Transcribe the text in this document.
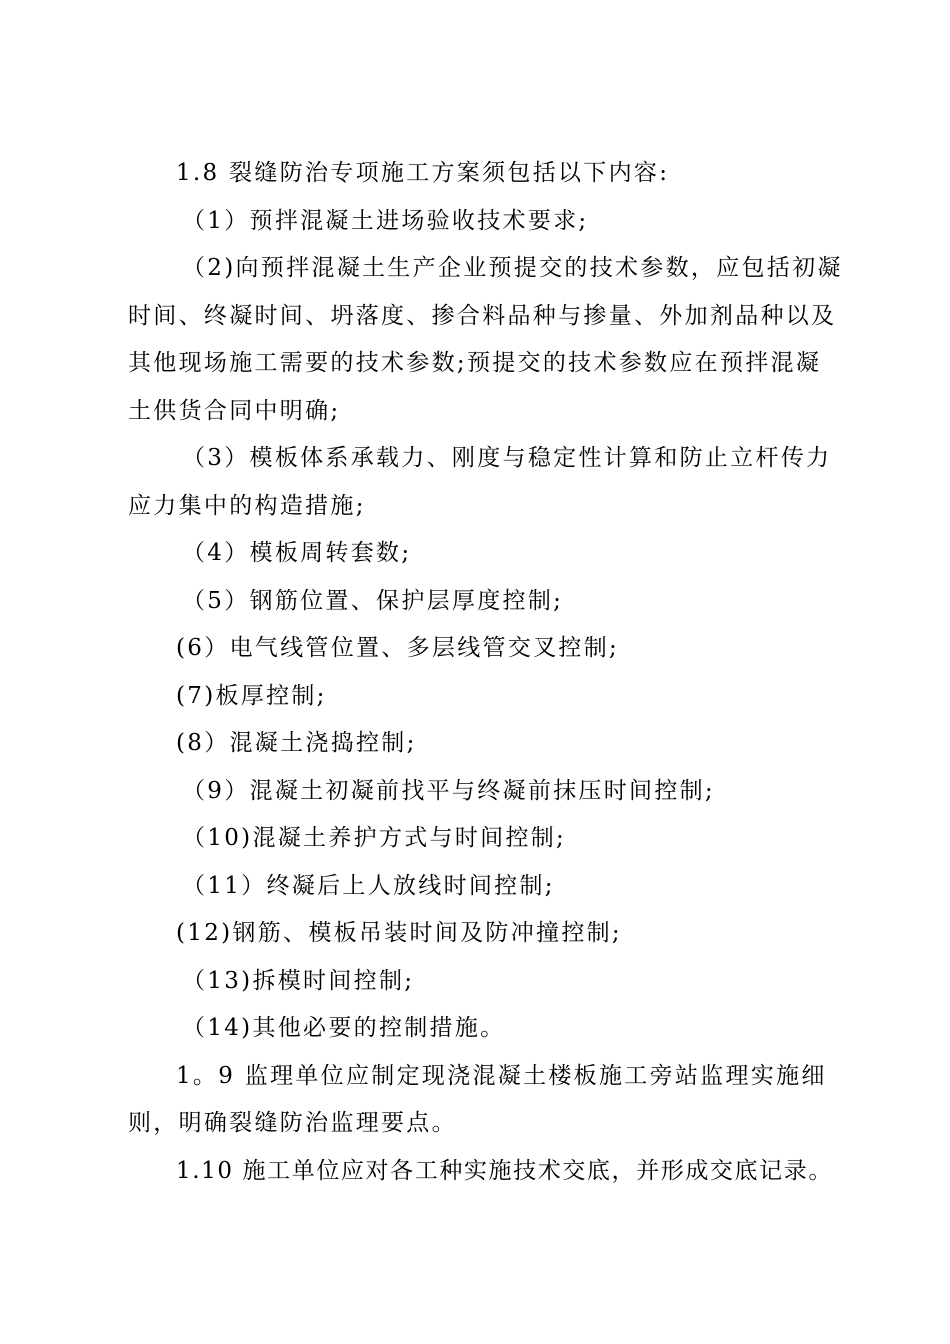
1.8 裂缝防治专项施工方案须包括以下内容:
（1）预拌混凝土进场验收技术要求;
（2)向预拌混凝土生产企业预提交的技术参数，应包括初凝
时间、终凝时间、坍落度、掺合料品种与掺量、外加剂品种以及
其他现场施工需要的技术参数;预提交的技术参数应在预拌混凝
土供货合同中明确;
（3）模板体系承载力、刚度与稳定性计算和防止立杆传力
应力集中的构造措施;
（4）模板周转套数;
（5）钢筋位置、保护层厚度控制;
(6）电气线管位置、多层线管交叉控制;
(7)板厚控制;
(8）混凝土浇捣控制;
（9）混凝土初凝前找平与终凝前抹压时间控制;
（10)混凝土养护方式与时间控制;
（11）终凝后上人放线时间控制;
(12)钢筋、模板吊装时间及防冲撞控制;
（13)拆模时间控制;
（14)其他必要的控制措施。
1。9 监理单位应制定现浇混凝土楼板施工旁站监理实施细
则，明确裂缝防治监理要点。
1.10 施工单位应对各工种实施技术交底，并形成交底记录。
